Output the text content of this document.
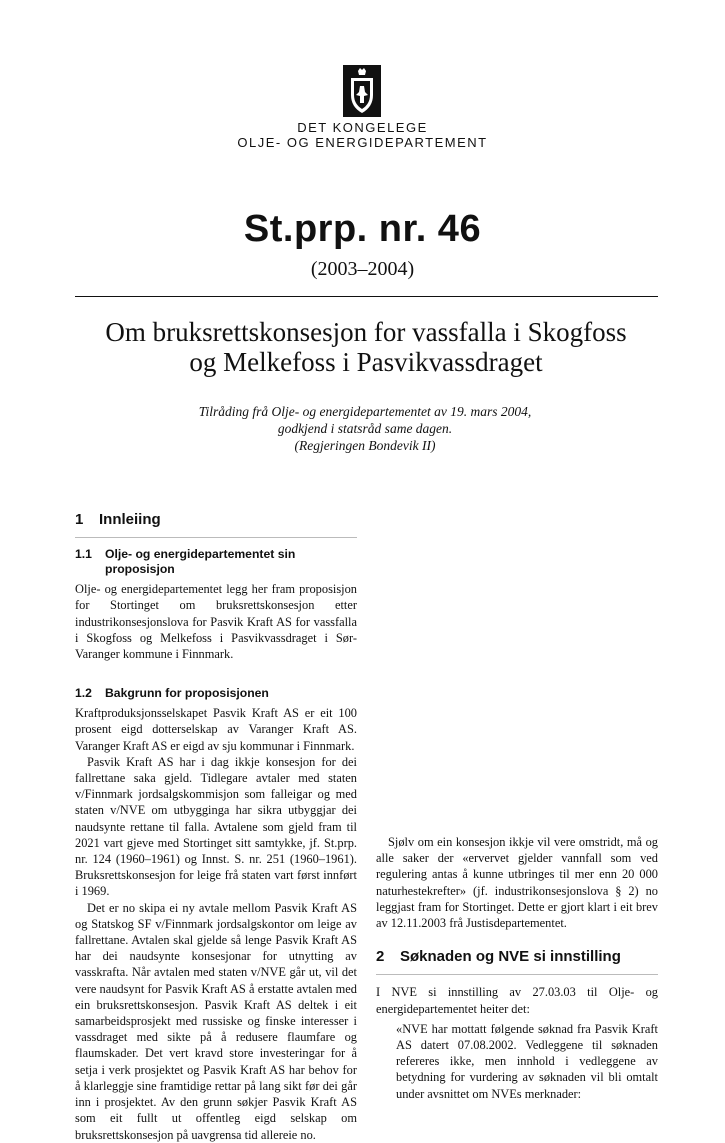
DET KONGELEGE
OLJE- OG ENERGIDEPARTEMENT
St.prp. nr. 46
(2003–2004)
Om bruksrettskonsesjon for vassfalla i Skogfoss
og Melkefoss i Pasvikvassdraget
Tilråding frå Olje- og energidepartementet av 19. mars 2004,
godkjend i statsråd same dagen.
(Regjeringen Bondevik II)
1	Innleiing
1.1	Olje- og energidepartementet sin proposisjon

Olje- og energidepartementet legg her fram proposisjon for Stortinget om bruksrettskonsesjon etter industrikonsesjonslova for Pasvik Kraft AS for vassfalla i Skogfoss og Melkefoss i Pasvikvassdraget i Sør-Varanger kommune i Finnmark.

1.2	Bakgrunn for proposisjonen

Kraftproduksjonsselskapet Pasvik Kraft AS er eit 100 prosent eigd dotterselskap av Varanger Kraft AS. Varanger Kraft AS er eigd av sju kommunar i Finnmark.

Pasvik Kraft AS har i dag ikkje konsesjon for dei fallrettane saka gjeld. Tidlegare avtaler med staten v/Finnmark jordsalgskommisjon som falleigar og med staten v/NVE om utbygginga har sikra utbyggjar dei naudsynte rettane til falla. Avtalene som gjeld fram til 2021 vart gjeve med Stortinget sitt samtykke, jf. St.prp. nr. 124 (1960–1961) og Innst. S. nr. 251 (1960–1961). Bruksrettskonsesjon for leige frå staten vart først innført i 1969.

Det er no skipa ei ny avtale mellom Pasvik Kraft AS og Statskog SF v/Finnmark jordsalgskontor om leige av fallrettane. Avtalen skal gjelde så lenge Pasvik Kraft AS har dei naudsynte konsesjonar for utnytting av vasskrafta. Når avtalen med staten v/NVE går ut, vil det vere naudsynt for Pasvik Kraft AS å erstatte avtalen med ein bruksrettskonsesjon. Pasvik Kraft AS deltek i eit samarbeidsprosjekt med russiske og finske interesser i vassdraget med sikte på å redusere flaumfare og flaumskader. Det vert kravd store investeringar for å setja i verk prosjektet og Pasvik Kraft AS har behov for å klarleggje sine framtidige rettar på lang sikt før dei går inn i prosjektet. Av den grunn søkjer Pasvik Kraft AS som eit fullt ut offentleg eigd selskap om bruksrettskonsesjon på uavgrensa tid allereie no.

Sjølv om ein konsesjon ikkje vil vere omstridt, må og alle saker der «ervervet gjelder vannfall som ved regulering antas å kunne utbringes til mer enn 20 000 naturhestekrefter» (jf. industrikonsesjonslova § 2) no leggjast fram for Stortinget. Dette er gjort klart i eit brev av 12.11.2003 frå Justisdepartementet.

2	Søknaden og NVE si innstilling

I NVE si innstilling av 27.03.03 til Olje- og energidepartementet heiter det:

«NVE har mottatt følgende søknad fra Pasvik Kraft AS datert 07.08.2002. Vedleggene til søknaden refereres ikke, men innhold i vedleggene av betydning for vurdering av søknaden vil bli omtalt under avsnittet om NVEs merknader:
